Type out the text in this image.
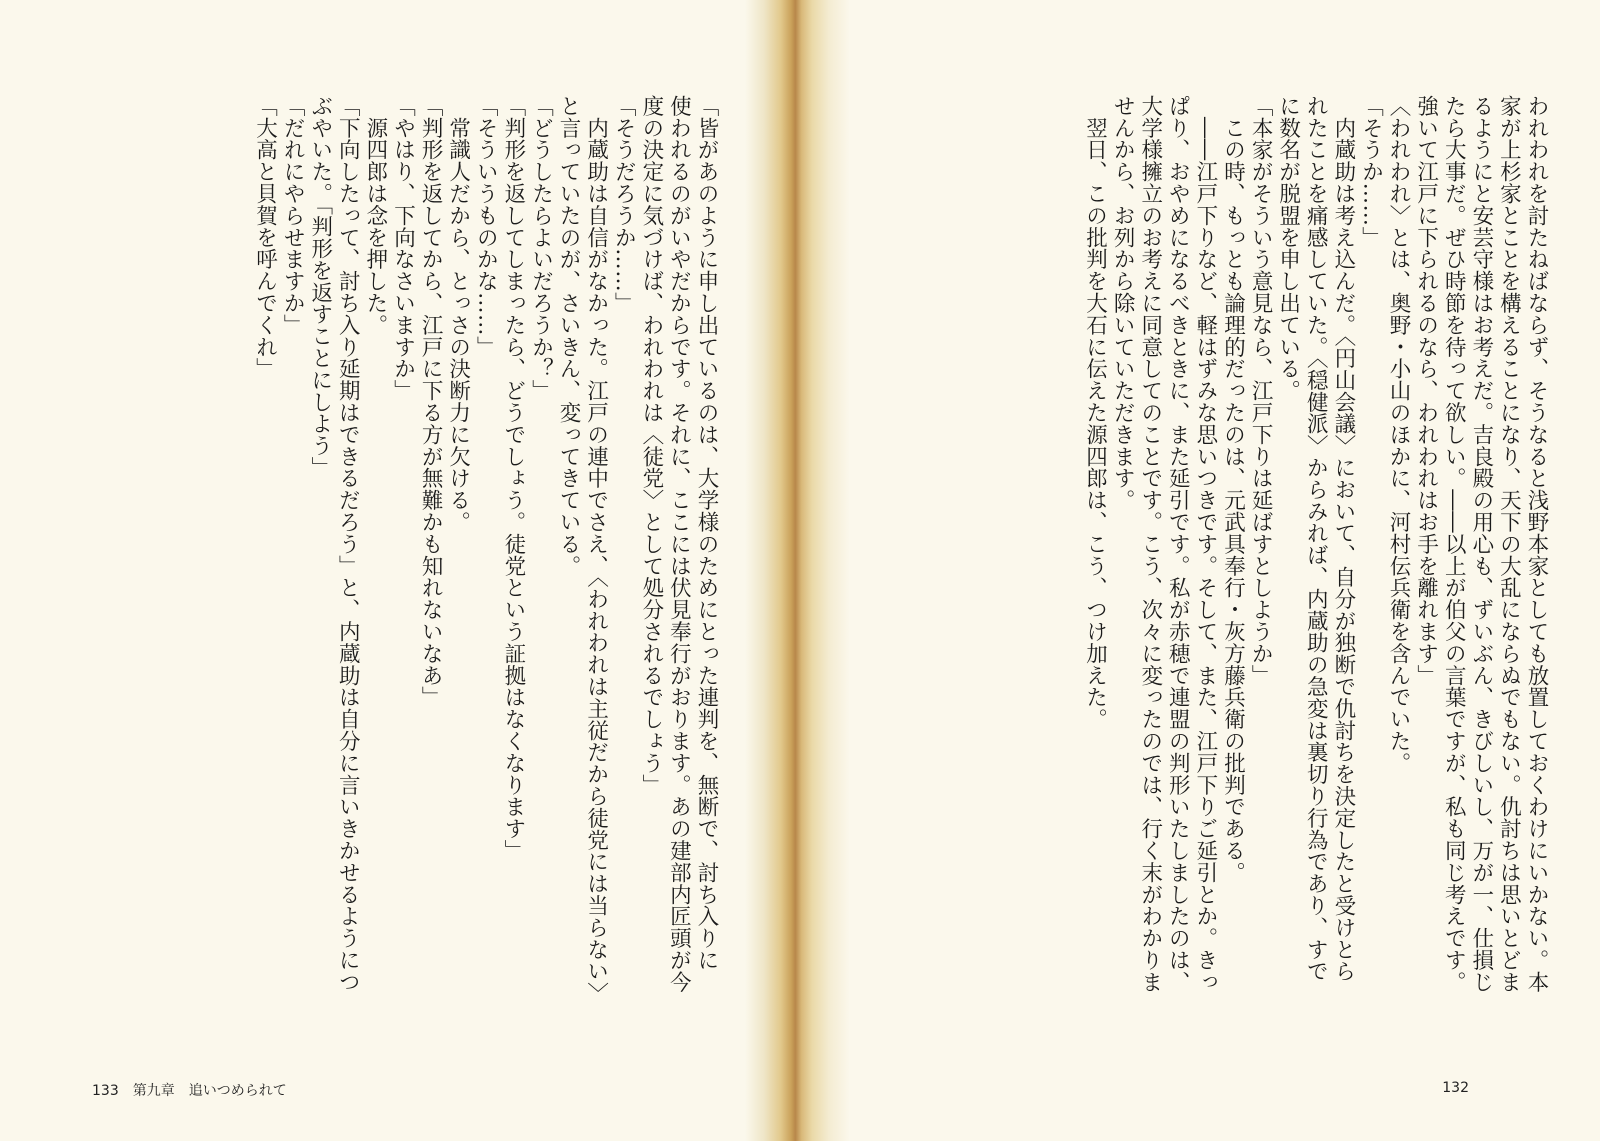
「皆があのように申し出ているのは、大学様のためにとった連判を、無断で、討ち入りに
使われるのがいやだからです。それに、ここには伏見奉行がおります。あの建部内匠頭が今
度の決定に気づけば、われわれは〈徒党〉として処分されるでしょう」
「そうだろうか……」
　内蔵助は自信がなかった。江戸の連中でさえ、〈われわれは主従だから徒党には当らない〉
と言っていたのが、さいきん、変ってきている。
「どうしたらよいだろうか？」
「判形を返してしまったら、どうでしょう。徒党という証拠はなくなります」
「そういうものかな……」
　常識人だから、とっさの決断力に欠ける。
「判形を返してから、江戸に下る方が無難かも知れないなあ」
「やはり、下向なさいますか」
　源四郎は念を押した。
「下向したって、討ち入り延期はできるだろう」と、内蔵助は自分に言いきかせるようにつ
ぶやいた。「判形を返すことにしよう」
「だれにやらせますか」
「大高と貝賀を呼んでくれ」
133 第九章　追いつめられて
われわれを討たねばならず、そうなると浅野本家としても放置しておくわけにいかない。本
家が上杉家とことを構えることになり、天下の大乱にならぬでもない。仇討ちは思いとどま
るようにと安芸守様はお考えだ。吉良殿の用心も、ずいぶん、きびしいし、万が一、仕損じ
たら大事だ。ぜひ時節を待って欲しい。――以上が伯父の言葉ですが、私も同じ考えです。
強いて江戸に下られるのなら、われわれはお手を離れます」
〈われわれ〉とは、奥野・小山のほかに、河村伝兵衛を含んでいた。
「そうか……」
　内蔵助は考え込んだ。〈円山会議〉において、自分が独断で仇討ちを決定したと受けとら
れたことを痛感していた。〈穏健派〉からみれば、内蔵助の急変は裏切り行為であり、すで
に数名が脱盟を申し出ている。
「本家がそういう意見なら、江戸下りは延ばすとしようか」
　この時、もっとも論理的だったのは、元武具奉行・灰方藤兵衛の批判である。
　――江戸下りなど、軽はずみな思いつきです。そして、また、江戸下りご延引とか。きっ
ぱり、おやめになるべきときに、また延引です。私が赤穂で連盟の判形いたしましたのは、
大学様擁立のお考えに同意してのことです。こう、次々に変ったのでは、行く末がわかりま
せんから、お列から除いていただきます。
　翌日、この批判を大石に伝えた源四郎は、こう、つけ加えた。
132
